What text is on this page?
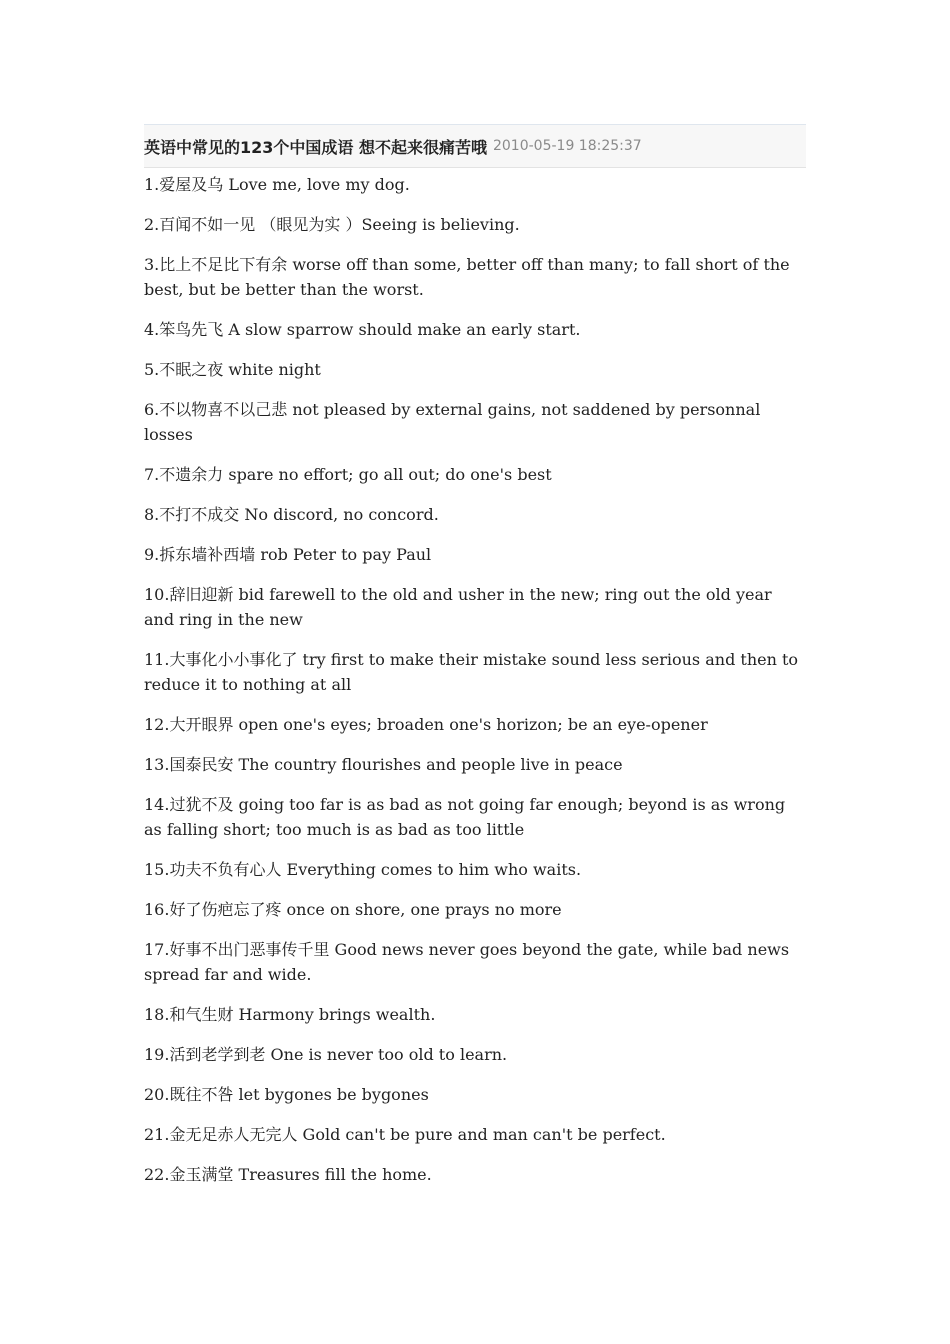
英语中常见的123个中国成语 想不起来很痛苦哦 2010-05-19 18:25:37

1.爱屋及乌 Love me, love my dog.

2.百闻不如一见 （眼见为实 ）Seeing is believing.

3.比上不足比下有余 worse off than some, better off than many; to fall short of the best, but be better than the worst.

4.笨鸟先飞 A slow sparrow should make an early start.

5.不眠之夜 white night

6.不以物喜不以己悲 not pleased by external gains, not saddened by personnal losses

7.不遗余力 spare no effort; go all out; do one's best

8.不打不成交 No discord, no concord.

9.拆东墙补西墙 rob Peter to pay Paul

10.辞旧迎新 bid farewell to the old and usher in the new; ring out the old year and ring in the new

11.大事化小小事化了 try first to make their mistake sound less serious and then to reduce it to nothing at all

12.大开眼界 open one's eyes; broaden one's horizon; be an eye-opener

13.国泰民安 The country flourishes and people live in peace

14.过犹不及 going too far is as bad as not going far enough; beyond is as wrong as falling short; too much is as bad as too little

15.功夫不负有心人 Everything comes to him who waits.

16.好了伤疤忘了疼 once on shore, one prays no more

17.好事不出门恶事传千里 Good news never goes beyond the gate, while bad news spread far and wide.

18.和气生财 Harmony brings wealth.

19.活到老学到老 One is never too old to learn.

20.既往不咎 let bygones be bygones

21.金无足赤人无完人 Gold can't be pure and man can't be perfect.

22.金玉满堂 Treasures fill the home.
